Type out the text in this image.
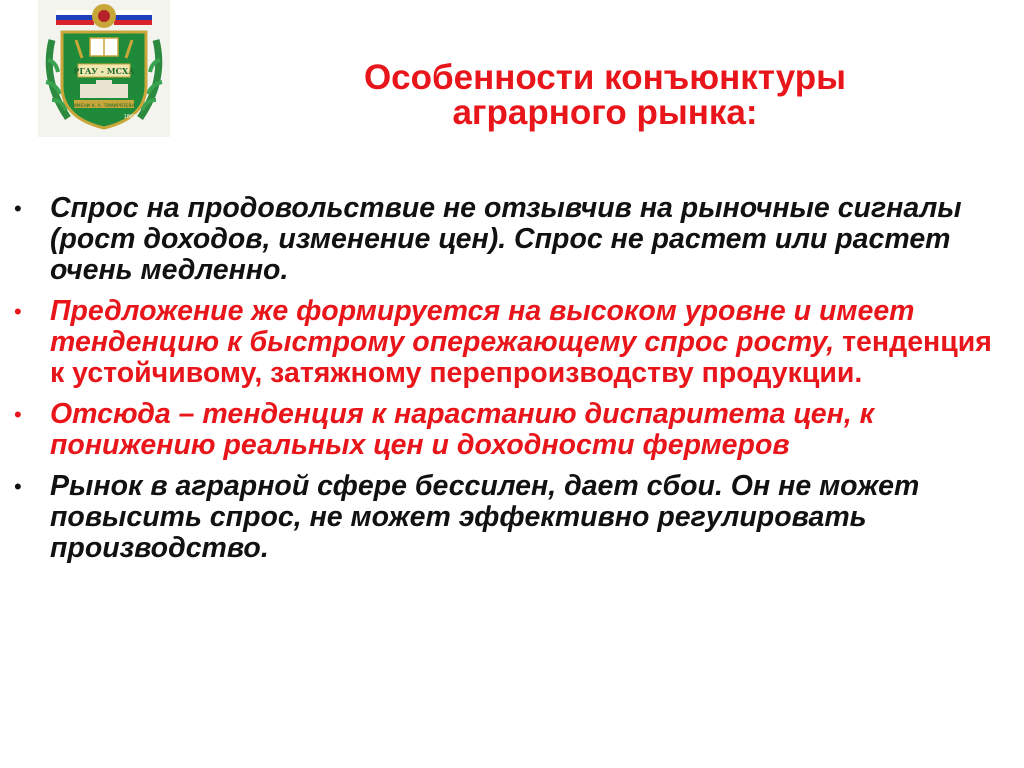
РГАУ - МСХА
ИМЕНИ К. А. ТИМИРЯЗЕВА
1865
Особенности конъюнктуры
аграрного рынка:
• Спрос на продовольствие не отзывчив на рыночные сигналы (рост доходов, изменение цен). Спрос не растет или растет очень медленно.
• Предложение же формируется на высоком уровне и имеет тенденцию к быстрому опережающему спрос росту, тенденция к устойчивому, затяжному перепроизводству продукции.
• Отсюда – тенденция к нарастанию диспаритета цен, к понижению реальных цен и доходности фермеров
• Рынок в аграрной сфере бессилен, дает сбои. Он не может повысить спрос, не может эффективно регулировать производство.
